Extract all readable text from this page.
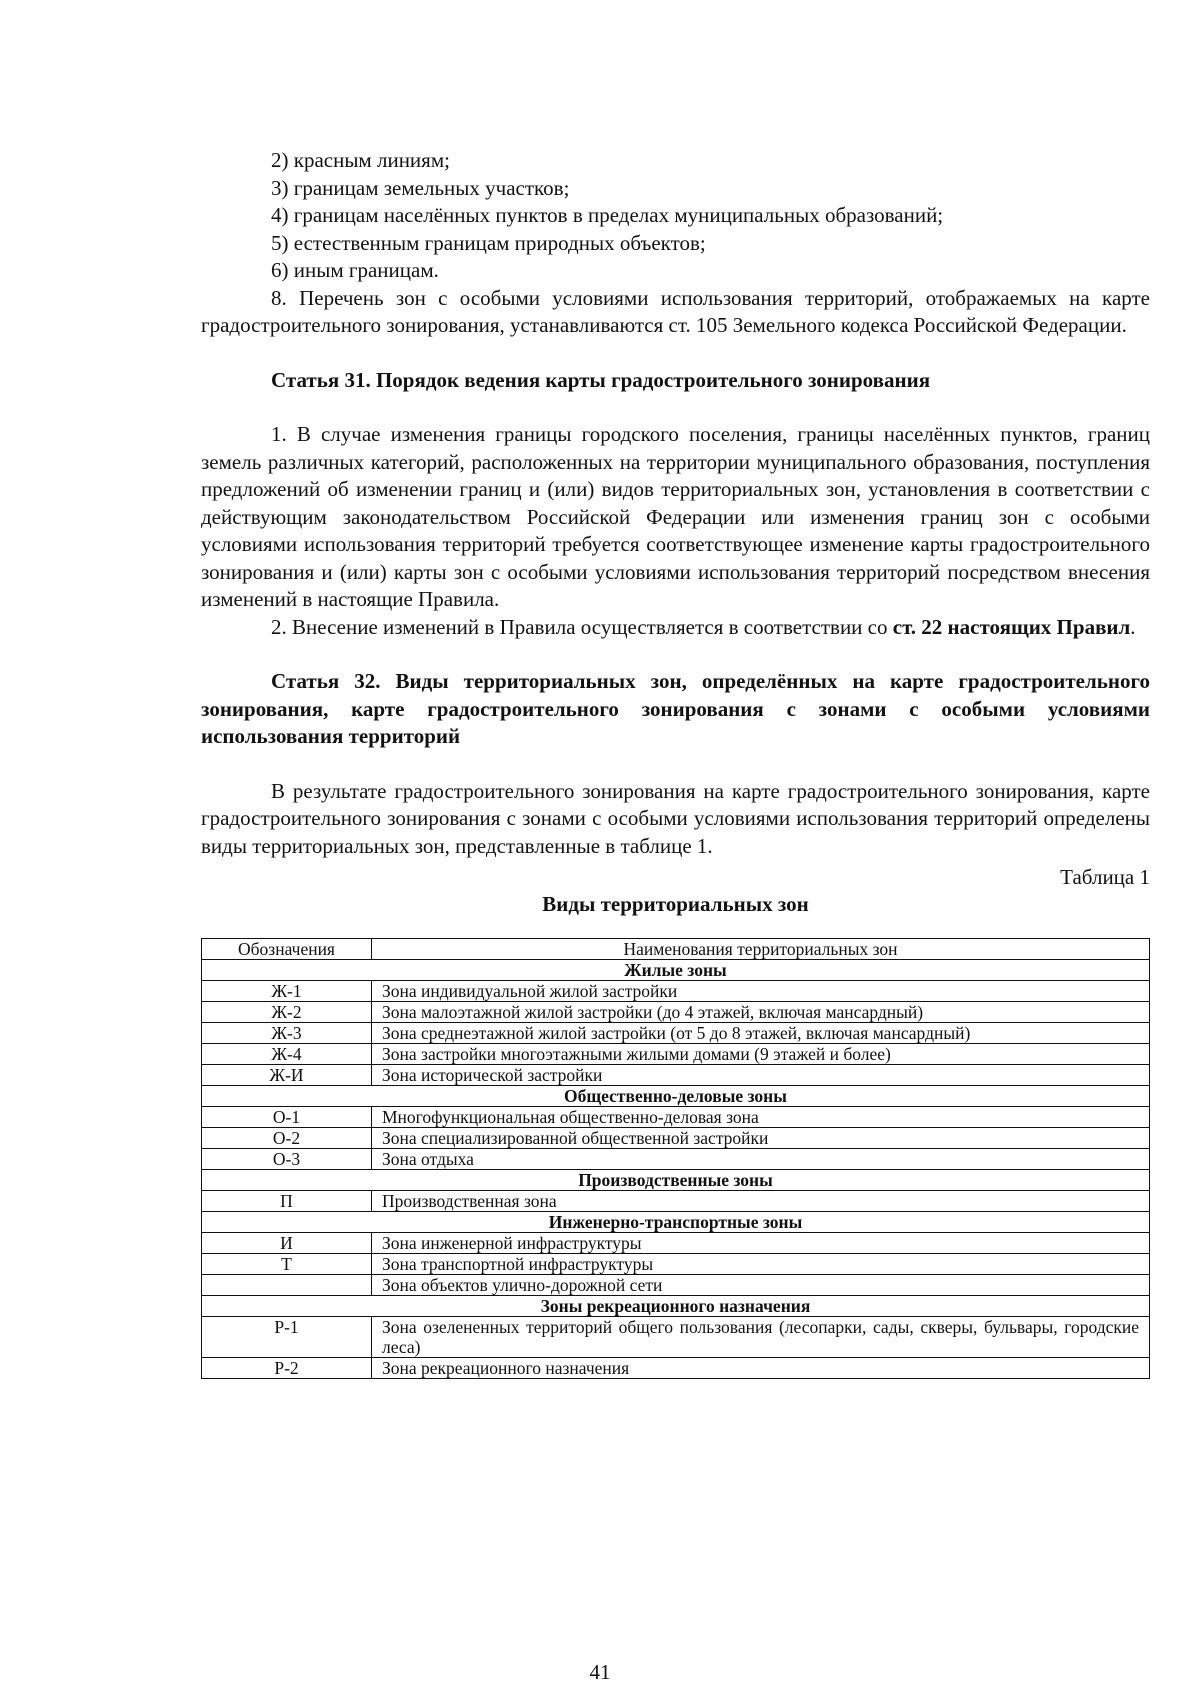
2) красным линиям;

3) границам земельных участков;

4) границам населённых пунктов в пределах муниципальных образований;

5) естественным границам природных объектов;

6) иным границам.

8. Перечень зон с особыми условиями использования территорий, отображаемых на карте градостроительного зонирования, устанавливаются ст. 105 Земельного кодекса Российской Федерации.

Статья 31. Порядок ведения карты градостроительного зонирования

1. В случае изменения границы городского поселения, границы населённых пунктов, границ земель различных категорий, расположенных на территории муниципального образования, поступления предложений об изменении границ и (или) видов территориальных зон, установления в соответствии с действующим законодательством Российской Федерации или изменения границ зон с особыми условиями использования территорий требуется соответствующее изменение карты градостроительного зонирования и (или) карты зон с особыми условиями использования территорий посредством внесения изменений в настоящие Правила.

2. Внесение изменений в Правила осуществляется в соответствии со ст. 22 настоящих Правил.

Статья 32. Виды территориальных зон, определённых на карте градостроительного зонирования, карте градостроительного зонирования с зонами с особыми условиями использования территорий

В результате градостроительного зонирования на карте градостроительного зонирования, карте градостроительного зонирования с зонами с особыми условиями использования территорий определены виды территориальных зон, представленные в таблице 1.

Таблица 1

Виды территориальных зон

Обозначения	Наименования территориальных зон
Жилые зоны	
Ж-1	Зона индивидуальной жилой застройки
Ж-2	Зона малоэтажной жилой застройки (до 4 этажей, включая мансардный)
Ж-3	Зона среднеэтажной жилой застройки (от 5 до 8 этажей, включая мансардный)
Ж-4	Зона застройки многоэтажными жилыми домами (9 этажей и более)
Ж-И	Зона исторической застройки
Общественно-деловые зоны	
О-1	Многофункциональная общественно-деловая зона
О-2	Зона специализированной общественной застройки
О-3	Зона отдыха
Производственные зоны	
П	Производственная зона
Инженерно-транспортные зоны	
И	Зона инженерной инфраструктуры
Т	Зона транспортной инфраструктуры
	Зона объектов улично-дорожной сети
Зоны рекреационного назначения	
Р-1	Зона озелененных территорий общего пользования (лесопарки, сады, скверы, бульвары, городские леса)
Р-2	Зона рекреационного назначения
41
